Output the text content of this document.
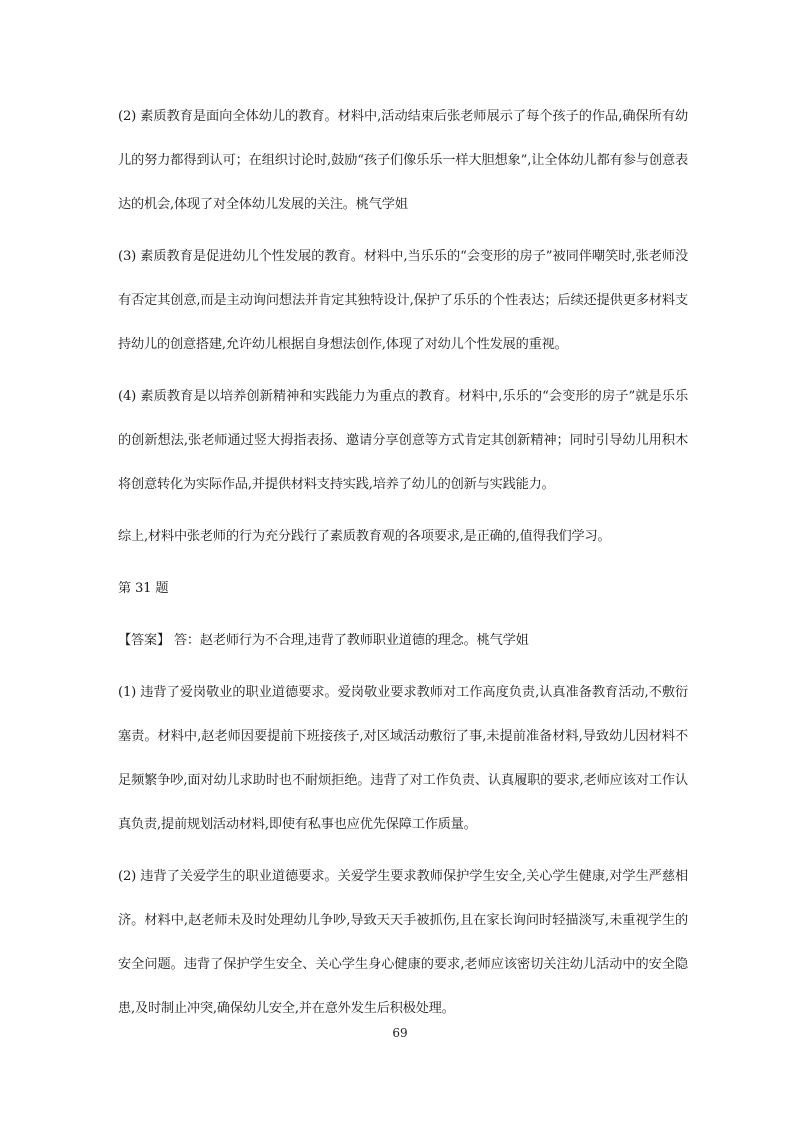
(2) 素质教育是面向全体幼儿的教育。材料中,活动结束后张老师展示了每个孩子的作品,确保所有幼儿的努力都得到认可；在组织讨论时,鼓励“孩子们像乐乐一样大胆想象”,让全体幼儿都有参与创意表达的机会,体现了对全体幼儿发展的关注。桃气学姐

(3) 素质教育是促进幼儿个性发展的教育。材料中,当乐乐的“会变形的房子”被同伴嘲笑时,张老师没有否定其创意,而是主动询问想法并肯定其独特设计,保护了乐乐的个性表达；后续还提供更多材料支持幼儿的创意搭建,允许幼儿根据自身想法创作,体现了对幼儿个性发展的重视。

(4) 素质教育是以培养创新精神和实践能力为重点的教育。材料中,乐乐的“会变形的房子”就是乐乐的创新想法,张老师通过竖大拇指表扬、邀请分享创意等方式肯定其创新精神；同时引导幼儿用积木将创意转化为实际作品,并提供材料支持实践,培养了幼儿的创新与实践能力。

综上,材料中张老师的行为充分践行了素质教育观的各项要求,是正确的,值得我们学习。

第 31 题

【答案】 答：赵老师行为不合理,违背了教师职业道德的理念。桃气学姐

(1) 违背了爱岗敬业的职业道德要求。爱岗敬业要求教师对工作高度负责,认真准备教育活动,不敷衍塞责。材料中,赵老师因要提前下班接孩子,对区域活动敷衍了事,未提前准备材料,导致幼儿因材料不足频繁争吵,面对幼儿求助时也不耐烦拒绝。违背了对工作负责、认真履职的要求,老师应该对工作认真负责,提前规划活动材料,即使有私事也应优先保障工作质量。

(2) 违背了关爱学生的职业道德要求。关爱学生要求教师保护学生安全,关心学生健康,对学生严慈相济。材料中,赵老师未及时处理幼儿争吵,导致天天手被抓伤,且在家长询问时轻描淡写,未重视学生的安全问题。违背了保护学生安全、关心学生身心健康的要求,老师应该密切关注幼儿活动中的安全隐患,及时制止冲突,确保幼儿安全,并在意外发生后积极处理。

69
